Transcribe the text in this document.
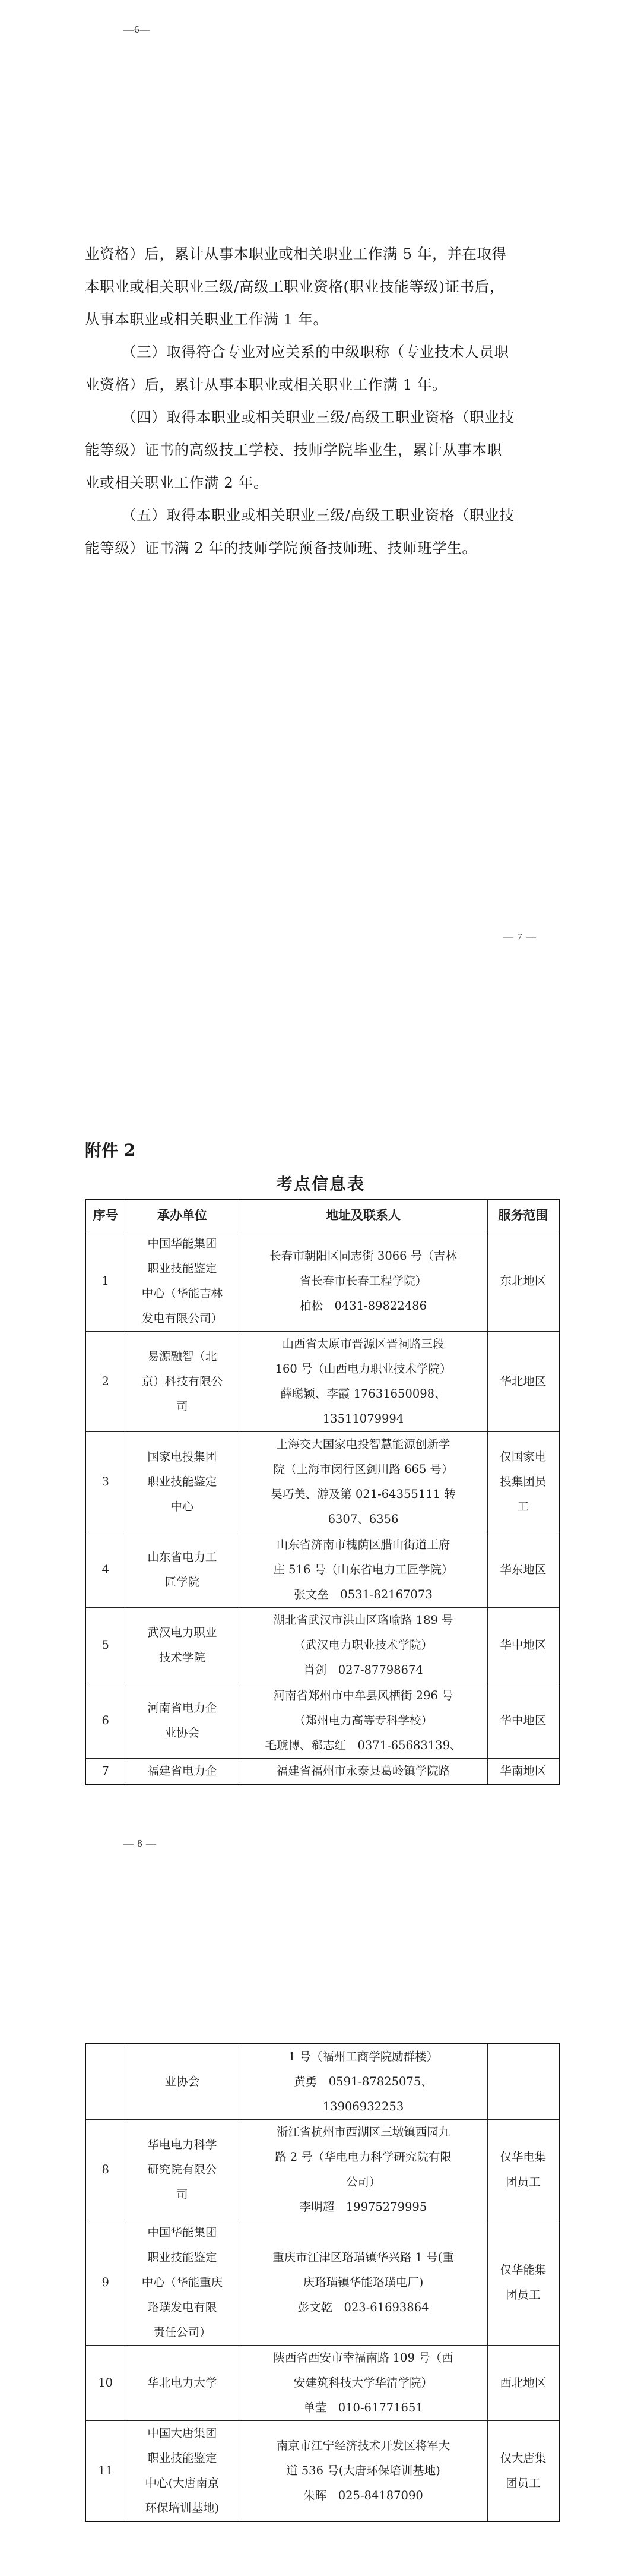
—6—
业资格）后，累计从事本职业或相关职业工作满 5 年，并在取得
本职业或相关职业三级/高级工职业资格(职业技能等级)证书后，
从事本职业或相关职业工作满 1 年。
（三）取得符合专业对应关系的中级职称（专业技术人员职
业资格）后，累计从事本职业或相关职业工作满 1 年。
（四）取得本职业或相关职业三级/高级工职业资格（职业技
能等级）证书的高级技工学校、技师学院毕业生，累计从事本职
业或相关职业工作满 2 年。
（五）取得本职业或相关职业三级/高级工职业资格（职业技
能等级）证书满 2 年的技师学院预备技师班、技师班学生。
— 7 —
附件 2
考点信息表
序号	承办单位	地址及联系人	服务范围
1	中国华能集团
职业技能鉴定
中心（华能吉林
发电有限公司）	长春市朝阳区同志街 3066 号（吉林
省长春市长春工程学院）
柏松　0431-89822486	东北地区

2	易源融智（北
京）科技有限公
司	山西省太原市晋源区晋祠路三段
160 号（山西电力职业技术学院）
薛聪颖、李霞 17631650098、
13511079994	华北地区

3	国家电投集团
职业技能鉴定
中心	上海交大国家电投智慧能源创新学
院（上海市闵行区剑川路 665 号）
吴巧美、游及第 021-64355111 转
6307、6356	仅国家电
投集团员
工

4	山东省电力工
匠学院	山东省济南市槐荫区腊山街道王府
庄 516 号（山东省电力工匠学院）
张文垒　0531-82167073	华东地区

5	武汉电力职业
技术学院	湖北省武汉市洪山区珞喻路 189 号
（武汉电力职业技术学院）
肖剑　027-87798674	华中地区

6	河南省电力企
业协会	河南省郑州市中牟县风栖街 296 号
（郑州电力高等专科学校）
毛琥博、郗志红　0371-65683139、	华中地区

7	福建省电力企	福建省福州市永泰县葛岭镇学院路	华南地区
— 8 —

	业协会	1 号（福州工商学院励群楼）
黄勇　0591-87825075、
13906932253	

8	华电电力科学
研究院有限公
司	浙江省杭州市西湖区三墩镇西园九
路 2 号（华电电力科学研究院有限
公司）
李明超　19975279995	仅华电集
团员工

9	中国华能集团
职业技能鉴定
中心（华能重庆
珞璜发电有限
责任公司）	重庆市江津区珞璜镇华兴路 1 号(重
庆珞璜镇华能珞璜电厂)
彭文乾　023-61693864	仅华能集
团员工

10	华北电力大学	陕西省西安市幸福南路 109 号（西
安建筑科技大学华清学院）
单莹　010-61771651	西北地区

11	中国大唐集团
职业技能鉴定
中心(大唐南京
环保培训基地)	南京市江宁经济技术开发区将军大
道 536 号(大唐环保培训基地)
朱晖　025-84187090	仅大唐集
团员工
